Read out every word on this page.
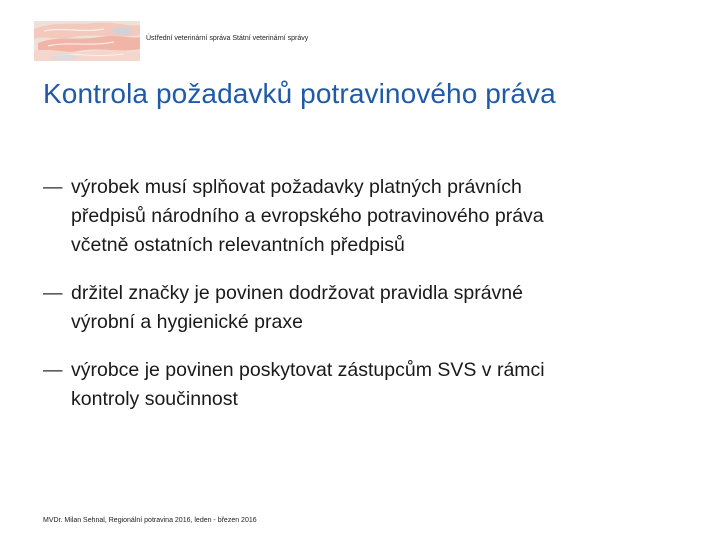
Ústřední veterinární správa Státní veterinární správy
Kontrola požadavků potravinového práva
— výrobek musí splňovat požadavky platných právních
předpisů národního a evropského potravinového práva
včetně ostatních relevantních předpisů
— držitel značky je povinen dodržovat pravidla správné
výrobní a hygienické praxe
— výrobce je povinen poskytovat zástupcům SVS v rámci
kontroly součinnost
MVDr. Milan Sehnal, Regionální potravina 2016, leden - březen 2016
